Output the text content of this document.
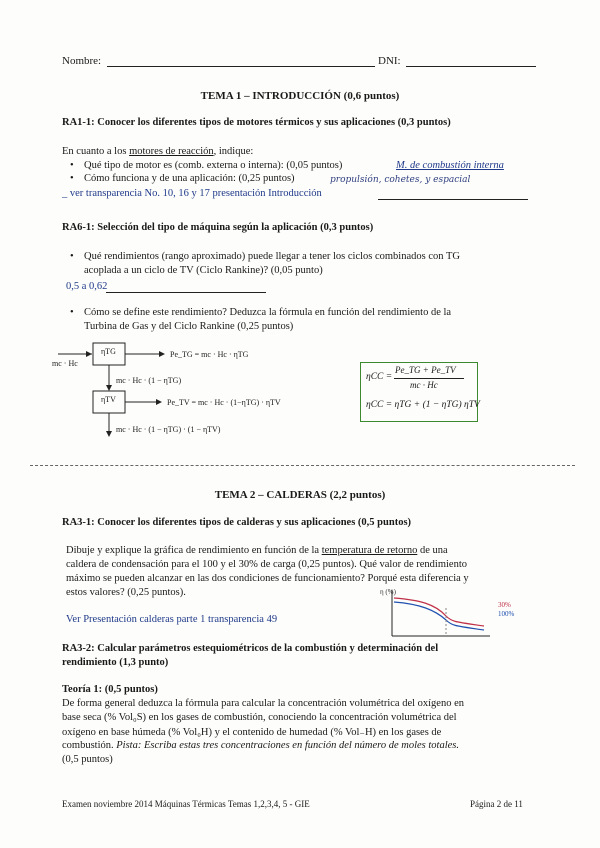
Nombre:	DNI:
TEMA 1 – INTRODUCCIÓN (0,6 puntos)
RA1-1: Conocer los diferentes tipos de motores térmicos y sus aplicaciones (0,3 puntos)
En cuanto a los motores de reacción, indique:
• Qué tipo de motor es (comb. externa o interna): (0,05 puntos)	M. de combustión interna
• Cómo funciona y de una aplicación: (0,25 puntos)	propulsión, cohetes, y espacial
_ ver transparencia No. 10, 16 y 17 presentación Introducción
RA6-1: Selección del tipo de máquina según la aplicación (0,3 puntos)
• Qué rendimientos (rango aproximado) puede llegar a tener los ciclos combinados con TG
acoplada a un ciclo de TV (Ciclo Rankine)? (0,05 punto)
0,5 a 0,62
• Cómo se define este rendimiento? Deduzca la fórmula en función del rendimiento de la
Turbina de Gas y del Ciclo Rankine (0,25 puntos)
mc · Hc
ηTG	Pe_TG = mc · Hc · ηTG
mc · Hc · (1 − ηTG)
ηTV	Pe_TV = mc · Hc · (1−ηTG) · ηTV
mc · Hc · (1 − ηTG) · (1 − ηTV)
ηCC =
Pe_TG + Pe_TV
mc · Hc
ηCC = ηTG + (1 − ηTG) ηTV
TEMA 2 – CALDERAS (2,2 puntos)
RA3-1: Conocer los diferentes tipos de calderas y sus aplicaciones (0,5 puntos)
Dibuje y explique la gráfica de rendimiento en función de la temperatura de retorno de una
caldera de condensación para el 100 y el 30% de carga (0,25 puntos). Qué valor de rendimiento
máximo se pueden alcanzar en las dos condiciones de funcionamiento? Porqué esta diferencia y
estos valores? (0,25 puntos).
Ver Presentación calderas parte 1 transparencia 49
η (%)
30%
100%
RA3-2: Calcular parámetros estequiométricos de la combustión y determinación del
rendimiento (1,3 punto)
Teoría 1: (0,5 puntos)
De forma general deduzca la fórmula para calcular la concentración volumétrica del oxígeno en
base seca (% Vol₀S) en los gases de combustión, conociendo la concentración volumétrica del
oxígeno en base húmeda (% Vol₀H) y el contenido de humedad (% Vol₋H) en los gases de
combustión. Pista: Escriba estas tres concentraciones en función del número de moles totales.
(0,5 puntos)
Examen noviembre 2014 Máquinas Térmicas Temas 1,2,3,4, 5 - GIE	Página 2 de 11
